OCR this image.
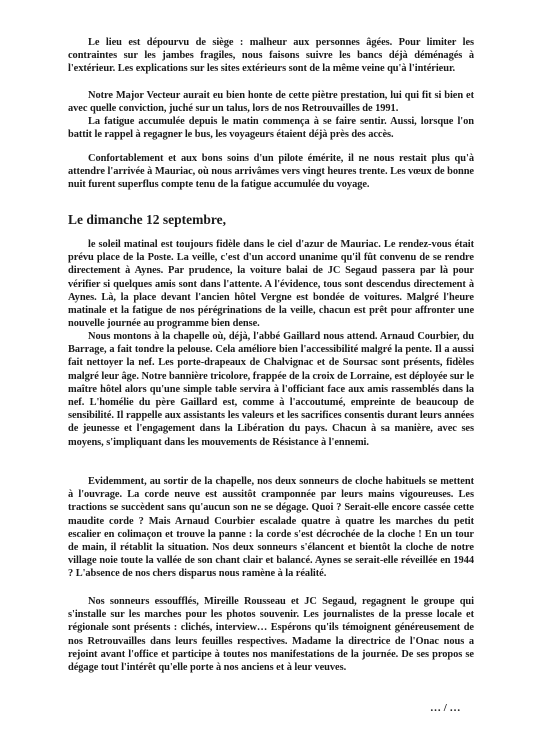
Le lieu est dépourvu de siège : malheur aux personnes âgées. Pour limiter les contraintes sur les jambes fragiles, nous faisons suivre les bancs déjà déménagés à l'extérieur. Les explications sur les sites extérieurs sont de la même veine qu'à l'intérieur.

Notre Major Vecteur aurait eu bien honte de cette piètre prestation, lui qui fit si bien et avec quelle conviction, juché sur un talus, lors de nos Retrouvailles de 1991.

La fatigue accumulée depuis le matin commença à se faire sentir. Aussi, lorsque l'on battit le rappel à regagner le bus, les voyageurs étaient déjà près des accès.

Confortablement et aux bons soins d'un pilote émérite, il ne nous restait plus qu'à attendre l'arrivée à Mauriac, où nous arrivâmes vers vingt heures trente. Les vœux de bonne nuit furent superflus compte tenu de la fatigue accumulée du voyage.

Le dimanche 12 septembre,

le soleil matinal est toujours fidèle dans le ciel d'azur de Mauriac. Le rendez-vous était prévu place de la Poste. La veille, c'est d'un accord unanime qu'il fût convenu de se rendre directement à Aynes. Par prudence, la voiture balai de JC Segaud passera par là pour vérifier si quelques amis sont dans l'attente. A l'évidence, tous sont descendus directement à Aynes. Là, la place devant l'ancien hôtel Vergne est bondée de voitures. Malgré l'heure matinale et la fatigue de nos pérégrinations de la veille, chacun est prêt pour affronter une nouvelle journée au programme bien dense.

Nous montons à la chapelle où, déjà, l'abbé Gaillard nous attend. Arnaud Courbier, du Barrage, a fait tondre la pelouse. Cela améliore bien l'accessibilité malgré la pente. Il a aussi fait nettoyer la nef. Les porte-drapeaux de Chalvignac et de Soursac sont présents, fidèles malgré leur âge. Notre bannière tricolore, frappée de la croix de Lorraine, est déployée sur le maître hôtel alors qu'une simple table servira à l'officiant face aux amis rassemblés dans la nef. L'homélie du père Gaillard est, comme à l'accoutumé, empreinte de beaucoup de sensibilité. Il rappelle aux assistants les valeurs et les sacrifices consentis durant leurs années de jeunesse et l'engagement dans la Libération du pays. Chacun à sa manière, avec ses moyens, s'impliquant dans les mouvements de Résistance à l'ennemi.

Evidemment, au sortir de la chapelle, nos deux sonneurs de cloche habituels se mettent à l'ouvrage. La corde neuve est aussitôt cramponnée par leurs mains vigoureuses. Les tractions se succèdent sans qu'aucun son ne se dégage. Quoi ? Serait-elle encore cassée cette maudite corde ? Mais Arnaud Courbier escalade quatre à quatre les marches du petit escalier en colimaçon et trouve la panne : la corde s'est décrochée de la cloche ! En un tour de main, il rétablit la situation. Nos deux sonneurs s'élancent et bientôt la cloche de notre village noie toute la vallée de son chant clair et balancé. Aynes se serait-elle réveillée en 1944 ? L'absence de nos chers disparus nous ramène à la réalité.

Nos sonneurs essoufflés, Mireille Rousseau et JC Segaud, regagnent le groupe qui s'installe sur les marches pour les photos souvenir. Les journalistes de la presse locale et régionale sont présents : clichés, interview… Espérons qu'ils témoignent généreusement de nos Retrouvailles dans leurs feuilles respectives. Madame la directrice de l'Onac nous a rejoint avant l'office et participe à toutes nos manifestations de la journée. De ses propos se dégage tout l'intérêt qu'elle porte à nos anciens et à leur veuves.

… / …
